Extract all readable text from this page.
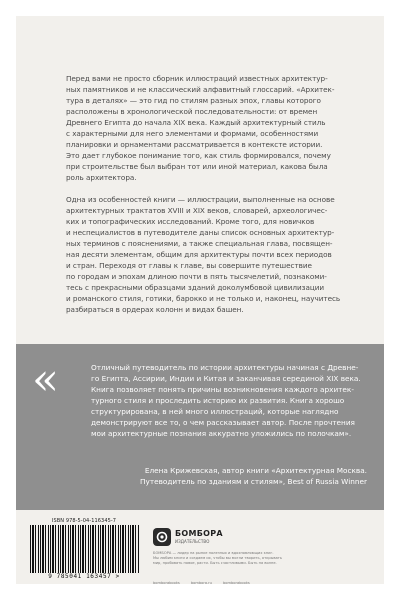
Перед вами не просто сборник иллюстраций известных архитектур-
ных памятников и не классический алфавитный глоссарий. «Архитек-
тура в деталях» — это гид по стилям разных эпох, главы которого
расположены в хронологической последовательности: от времен
Древнего Египта до начала XIX века. Каждый архитектурный стиль
с характерными для него элементами и формами, особенностями
планировки и орнаментами рассматривается в контексте истории.
Это дает глубокое понимание того, как стиль формировался, почему
при строительстве был выбран тот или иной материал, какова была
роль архитектора.

Одна из особенностей книги — иллюстрации, выполненные на основе
архитектурных трактатов XVIII и XIX веков, словарей, археологичес-
ких и топографических исследований. Кроме того, для новичков
и неспециалистов в путеводителе даны список основных архитектур-
ных терминов с пояснениями, а также специальная глава, посвящен-
ная десяти элементам, общим для архитектуры почти всех периодов
и стран. Переходя от главы к главе, вы совершите путешествие
по городам и эпохам длиною почти в пять тысячелетий, познакоми-
тесь с прекрасными образцами зданий доколумбовой цивилизации
и романского стиля, готики, барокко и не только и, наконец, научитесь
разбираться в ордерах колонн и видах башен.

«	Отличный путеводитель по истории архитектуры начиная с Древне-
го Египта, Ассирии, Индии и Китая и заканчивая серединой XIX века.
Книга позволяет понять причины возникновения каждого архитек-
турного стиля и проследить историю их развития. Книга хорошо
структурирована, в ней много иллюстраций, которые наглядно
демонстрируют все то, о чем рассказывает автор. После прочтения
мои архитектурные познания аккуратно уложились по полочкам».
Елена Крижевская, автор книги «Архитектурная Москва.
Путеводитель по зданиям и стилям», Best of Russia Winner
ISBN 978-5-04-116345-7
9 785041 163457 >
БОМБОРА
ИЗДАТЕЛЬСТВО
БОМБОРА — лидер на рынке полезных и вдохновляющих книг.
Мы любим книги и создаем их, чтобы вы могли творить, открывать
мир, пробовать новое, расти. Быть счастливыми. Быть на волне.
bomborabooks	bombora.ru	bomborabooks
